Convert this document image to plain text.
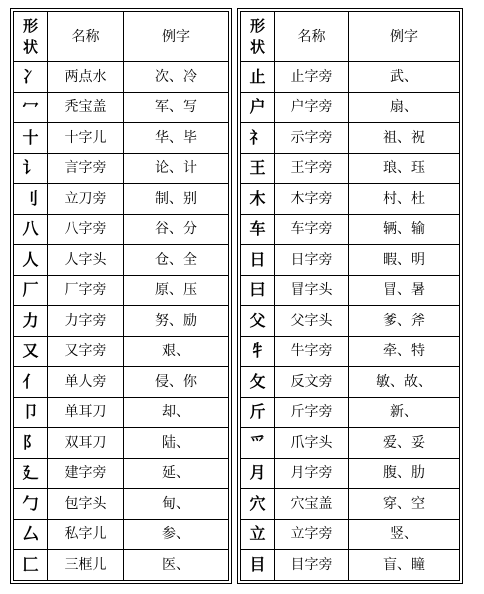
形
状	名称	例字
冫	两点水	次、冷
冖	秃宝盖	军、写
十	十字儿	华、毕
讠	言字旁	论、计
刂	立刀旁	制、别
八	八字旁	谷、分
人	人字头	仓、全
厂	厂字旁	原、压
力	力字旁	努、励
又	又字旁	艰、
亻	单人旁	侵、你
卩	单耳刀	却、
阝	双耳刀	陆、
廴	建字旁	延、
勹	包字头	甸、
厶	私字儿	参、
匚	三框儿	医、
形
状	名称	例字
止	止字旁	武、
户	户字旁	扇、
礻	示字旁	祖、祝
王	王字旁	琅、珏
木	木字旁	村、杜
车	车字旁	辆、输
日	日字旁	暇、明
曰	冒字头	冒、暑
父	父字头	爹、斧
牜	牛字旁	牵、特
攵	反文旁	敏、故、
斤	斤字旁	新、
爫	爪字头	爱、妥
月	月字旁	腹、肋
穴	穴宝盖	穿、空
立	立字旁	竖、
目	目字旁	盲、瞳
